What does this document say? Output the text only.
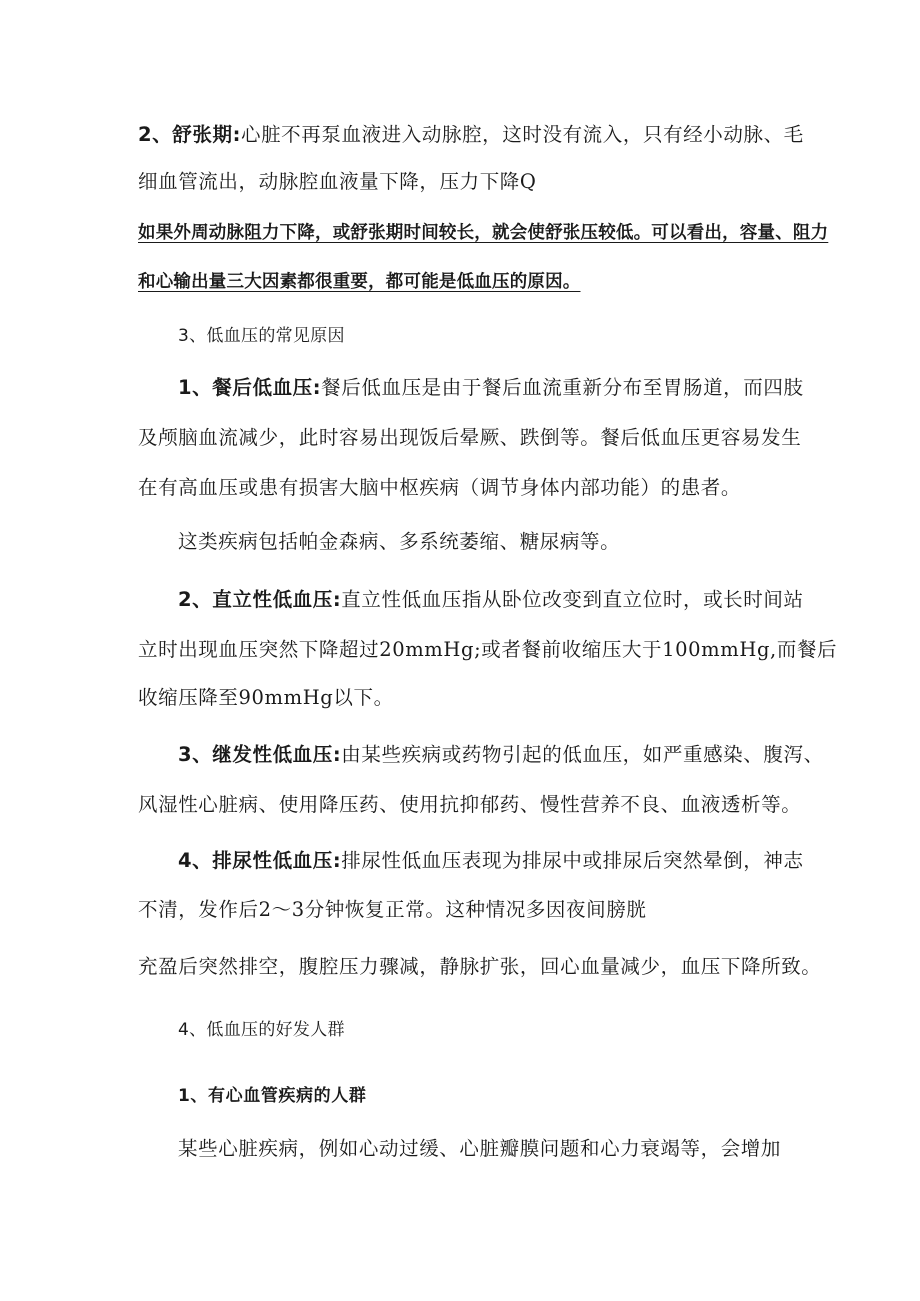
2、舒张期:心脏不再泵血液进入动脉腔，这时没有流入，只有经小动脉、毛
细血管流出，动脉腔血液量下降，压力下降Q
如果外周动脉阻力下降，或舒张期时间较长，就会使舒张压较低。可以看出，容量、阻力
和心输出量三大因素都很重要，都可能是低血压的原因。
3、低血压的常见原因
1、餐后低血压:餐后低血压是由于餐后血流重新分布至胃肠道，而四肢
及颅脑血流减少，此时容易出现饭后晕厥、跌倒等。餐后低血压更容易发生
在有高血压或患有损害大脑中枢疾病（调节身体内部功能）的患者。
这类疾病包括帕金森病、多系统萎缩、糖尿病等。
2、直立性低血压:直立性低血压指从卧位改变到直立位时，或长时间站
立时出现血压突然下降超过20mmHg;或者餐前收缩压大于100mmHg,而餐后
收缩压降至90mmHg以下。
3、继发性低血压:由某些疾病或药物引起的低血压，如严重感染、腹泻、
风湿性心脏病、使用降压药、使用抗抑郁药、慢性营养不良、血液透析等。
4、排尿性低血压:排尿性低血压表现为排尿中或排尿后突然晕倒，神志
不清，发作后2～3分钟恢复正常。这种情况多因夜间膀胱
充盈后突然排空，腹腔压力骤减，静脉扩张，回心血量减少，血压下降所致。
4、低血压的好发人群
1、有心血管疾病的人群
某些心脏疾病，例如心动过缓、心脏瓣膜问题和心力衰竭等，会增加
